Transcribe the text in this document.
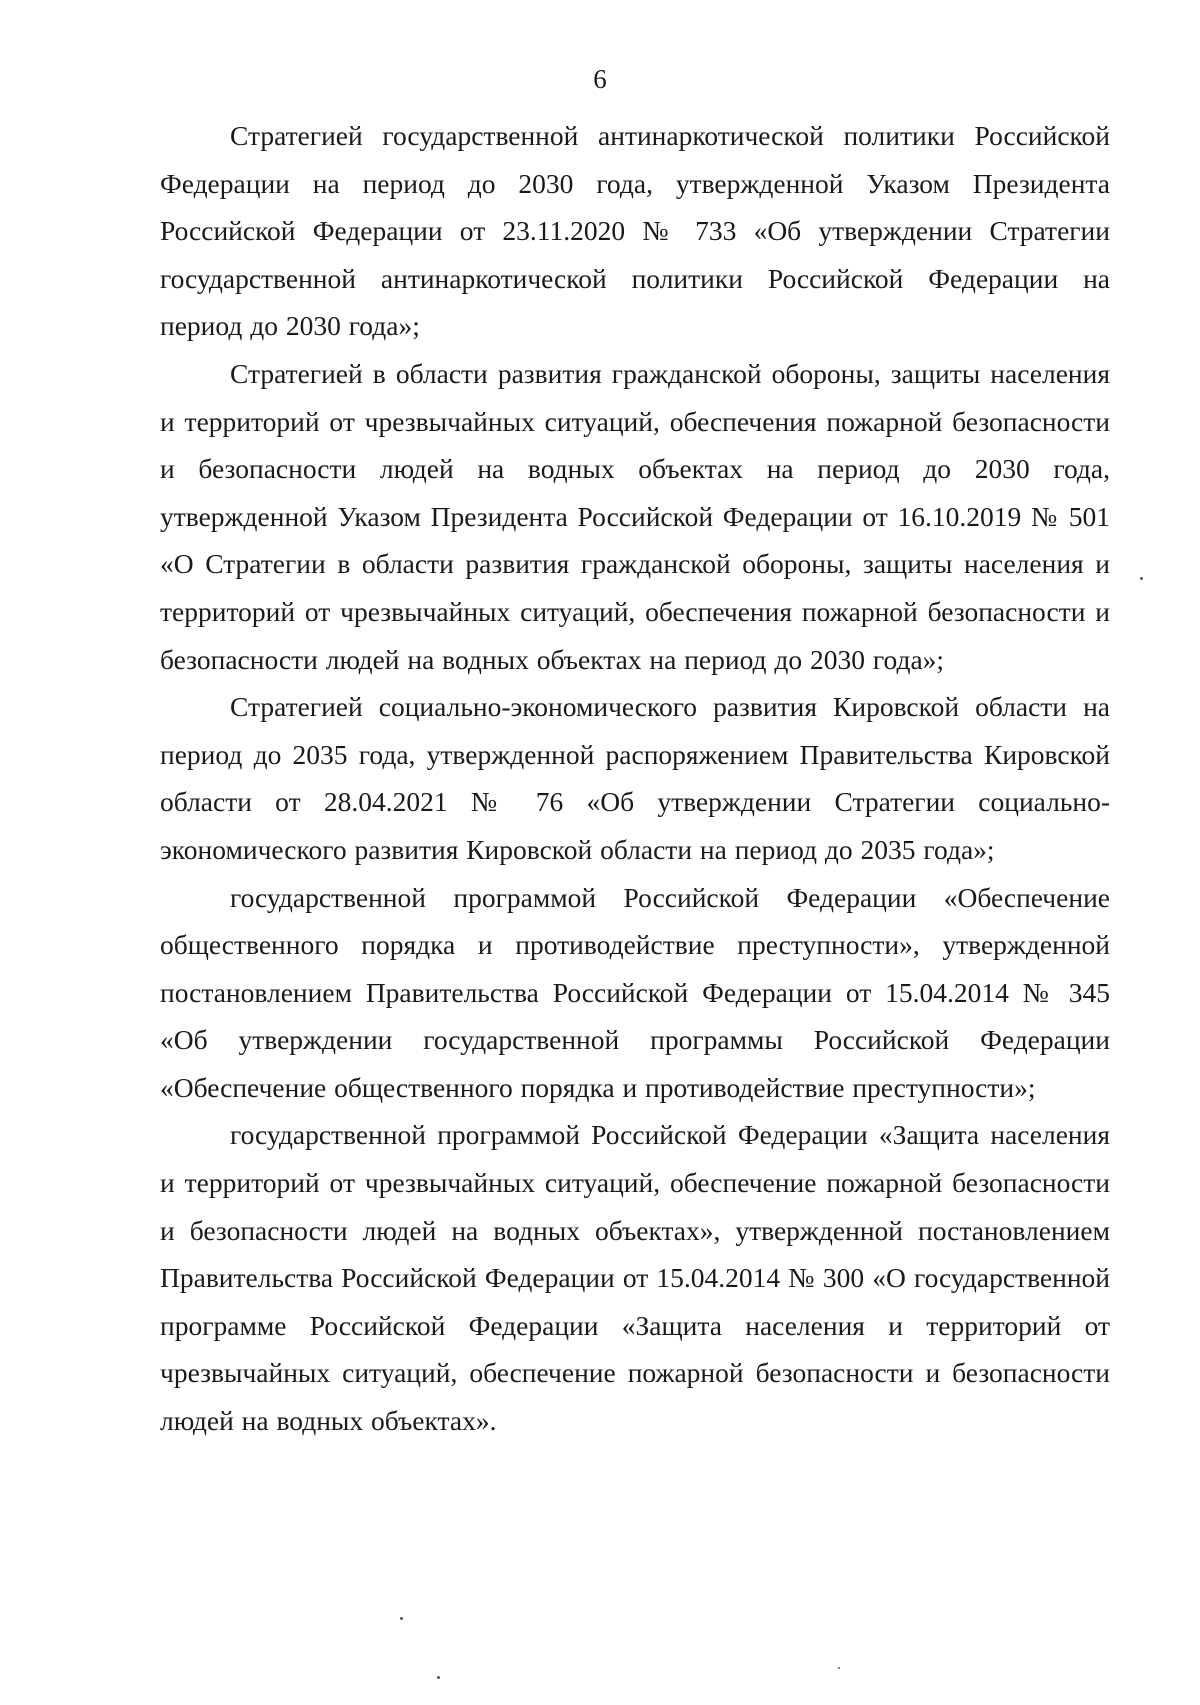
6

Стратегией государственной антинаркотической политики Российской Федерации на период до 2030 года, утвержденной Указом Президента Российской Федерации от 23.11.2020 № 733 «Об утверждении Стратегии государственной антинаркотической политики Российской Федерации на период до 2030 года»;

Стратегией в области развития гражданской обороны, защиты населения и территорий от чрезвычайных ситуаций, обеспечения пожарной безопасности и безопасности людей на водных объектах на период до 2030 года, утвержденной Указом Президента Российской Федерации от 16.10.2019 № 501 «О Стратегии в области развития гражданской обороны, защиты населения и территорий от чрезвычайных ситуаций, обеспечения пожарной безопасности и безопасности людей на водных объектах на период до 2030 года»;

Стратегией социально-экономического развития Кировской области на период до 2035 года, утвержденной распоряжением Правительства Кировской области от 28.04.2021 № 76 «Об утверждении Стратегии социально-экономического развития Кировской области на период до 2035 года»;

государственной программой Российской Федерации «Обеспечение общественного порядка и противодействие преступности», утвержденной постановлением Правительства Российской Федерации от 15.04.2014 № 345 «Об утверждении государственной программы Российской Федерации «Обеспечение общественного порядка и противодействие преступности»;

государственной программой Российской Федерации «Защита населения и территорий от чрезвычайных ситуаций, обеспечение пожарной безопасности и безопасности людей на водных объектах», утвержденной постановлением Правительства Российской Федерации от 15.04.2014 № 300 «О государственной программе Российской Федерации «Защита населения и территорий от чрезвычайных ситуаций, обеспечение пожарной безопасности и безопасности людей на водных объектах».
